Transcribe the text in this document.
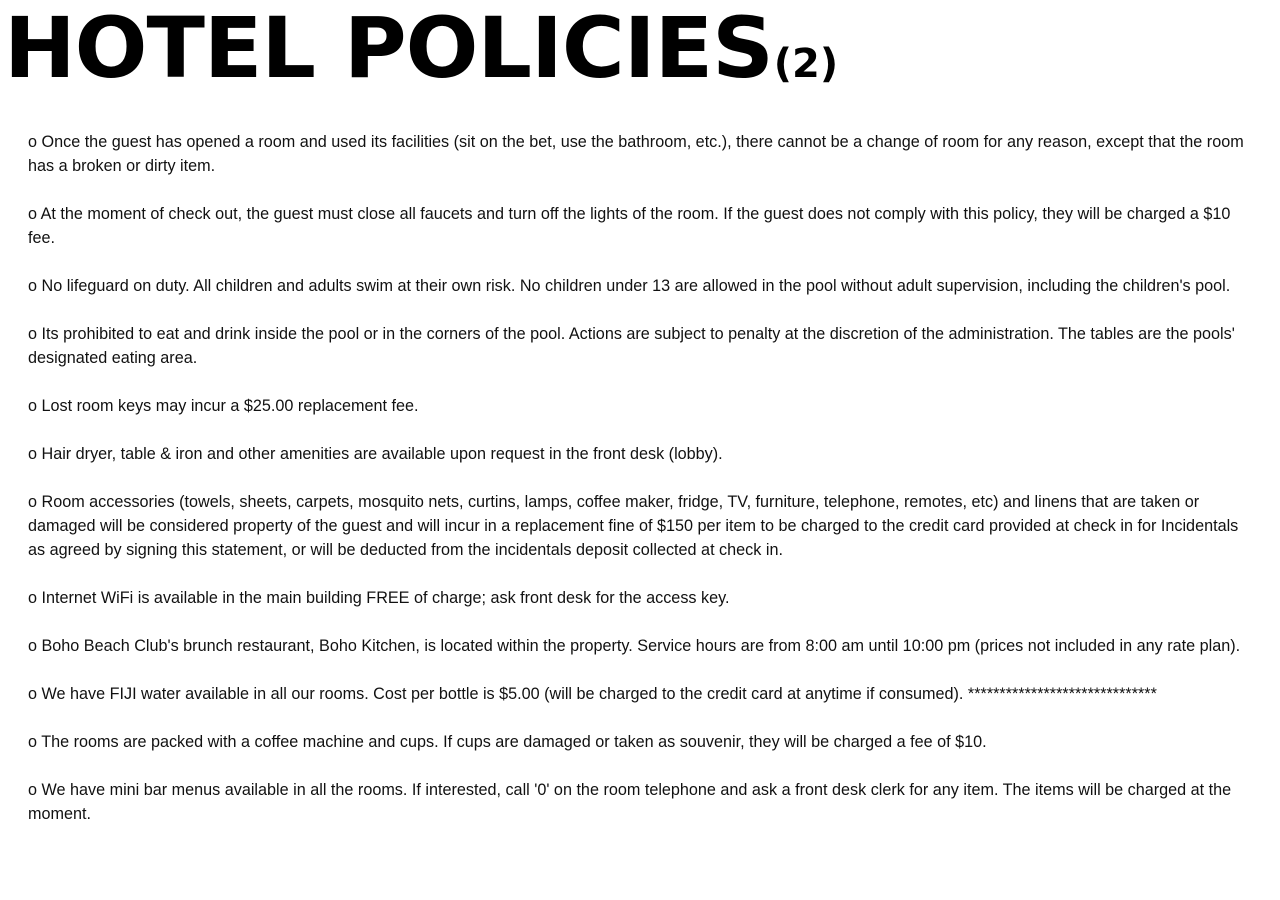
HOTEL POLICIES (2)
o Once the guest has opened a room and used its facilities (sit on the bet, use the bathroom, etc.), there cannot be a change of room for any reason, except that the room has a broken or dirty item.
o At the moment of check out, the guest must close all faucets and turn off the lights of the room. If the guest does not comply with this policy, they will be charged a $10 fee.
o No lifeguard on duty. All children and adults swim at their own risk. No children under 13 are allowed in the pool without adult supervision, including the children's pool.
o Its prohibited to eat and drink inside the pool or in the corners of the pool. Actions are subject to penalty at the discretion of the administration. The tables are the pools' designated eating area.
o Lost room keys may incur a $25.00 replacement fee.
o Hair dryer, table & iron and other amenities are available upon request in the front desk (lobby).
o Room accessories (towels, sheets, carpets, mosquito nets, curtins, lamps, coffee maker, fridge, TV, furniture, telephone, remotes, etc) and linens that are taken or damaged will be considered property of the guest and will incur in a replacement fine of $150 per item to be charged to the credit card provided at check in for Incidentals as agreed by signing this statement, or will be deducted from the incidentals deposit collected at check in.
o Internet WiFi is available in the main building FREE of charge; ask front desk for the access key.
o Boho Beach Club's brunch restaurant, Boho Kitchen, is located within the property. Service hours are from 8:00 am until 10:00 pm (prices not included in any rate plan).
o We have FIJI water available in all our rooms. Cost per bottle is $5.00 (will be charged to the credit card at anytime if consumed). ******************************
o The rooms are packed with a coffee machine and cups. If cups are damaged or taken as souvenir, they will be charged a fee of $10.
o We have mini bar menus available in all the rooms. If interested, call '0' on the room telephone and ask a front desk clerk for any item. The items will be charged at the moment.
